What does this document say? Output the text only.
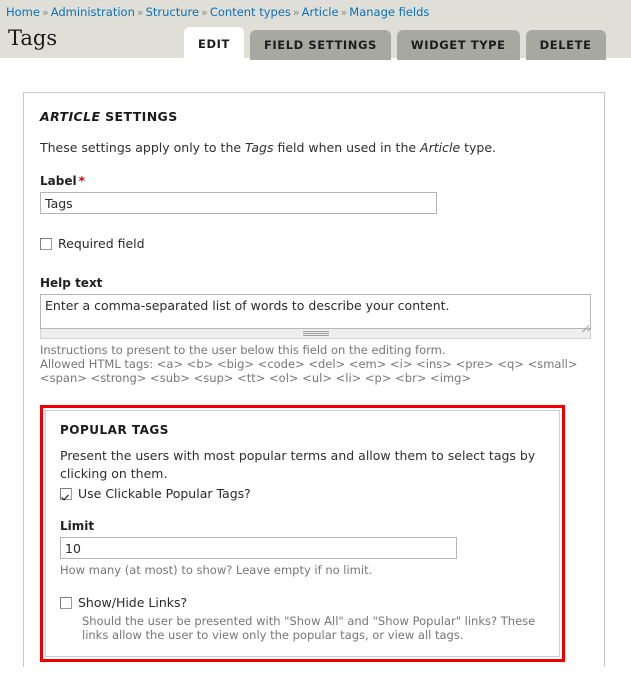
Home » Administration » Structure » Content types » Article » Manage fields
Tags	EDIT	FIELD SETTINGS	WIDGET TYPE	DELETE

ARTICLE SETTINGS

These settings apply only to the Tags field when used in the Article type.

Label *
Tags
Required field
Help text
Enter a comma-separated list of words to describe your content.

Instructions to present to the user below this field on the editing form.
Allowed HTML tags: <a> <b> <big> <code> <del> <em> <i> <ins> <pre> <q> <small> <span> <strong> <sub> <sup> <tt> <ol> <ul> <li> <p> <br> <img>

POPULAR TAGS

Present the users with most popular terms and allow them to select tags by clicking on them.

Use Clickable Popular Tags?
Limit
10

How many (at most) to show? Leave empty if no limit.

Show/Hide Links?

Should the user be presented with "Show All" and "Show Popular" links? These links allow the user to view only the popular tags, or view all tags.
